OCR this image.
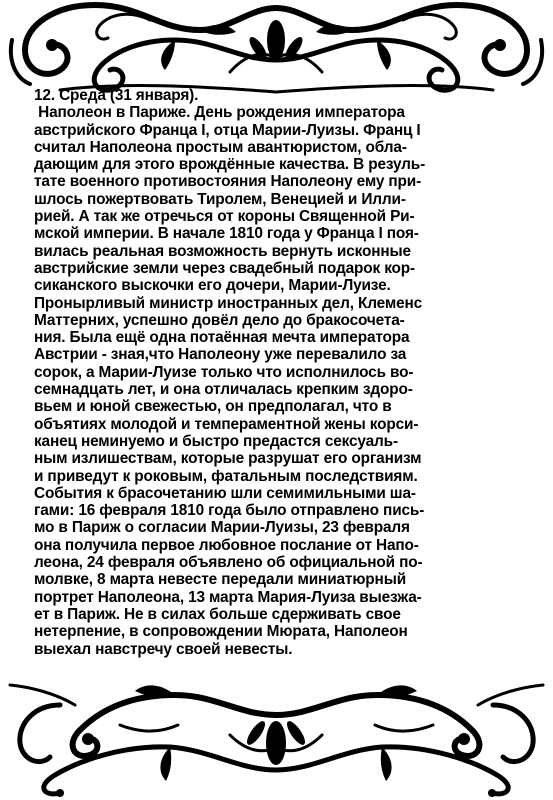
12. Среда (31 января).
Наполеон в Париже. День рождения императора
австрийского Франца I, отца Марии-Луизы. Франц I
считал Наполеона простым авантюристом, обла-
дающим для этого врождённые качества. В резуль-
тате военного противостояния Наполеону ему при-
шлось пожертвовать Тиролем, Венецией и Илли-
рией. А так же отречься от короны Священной Ри-
мской империи. В начале 1810 года у Франца I поя-
вилась реальная возможность вернуть исконные
австрийские земли через свадебный подарок кор-
сиканского выскочки его дочери, Марии-Луизе.
Пронырливый министр иностранных дел, Клеменс
Маттерних, успешно довёл дело до бракосочета-
ния. Была ещё одна потаённая мечта императора
Австрии - зная,что Наполеону уже перевалило за
сорок, а Марии-Луизе только что исполнилось во-
семнадцать лет, и она отличалась крепким здоро-
вьем и юной свежестью, он предполагал, что в
объятиях молодой и темпераментной жены корси-
канец неминуемо и быстро предастся сексуаль-
ным излишествам, которые разрушат его организм
и приведут к роковым, фатальным последствиям.
События к брасочетанию шли семимильными ша-
гами: 16 февраля 1810 года было отправлено пись-
мо в Париж о согласии Марии-Луизы, 23 февраля
она получила первое любовное послание от Напо-
леона, 24 февраля объявлено об официальной по-
молвке, 8 марта невесте передали миниатюрный
портрет Наполеона, 13 марта Мария-Луиза выезжа-
ет в Париж. Не в силах больше сдерживать свое
нетерпение, в сопровождении Мюрата, Наполеон
выехал навстречу своей невесты.
